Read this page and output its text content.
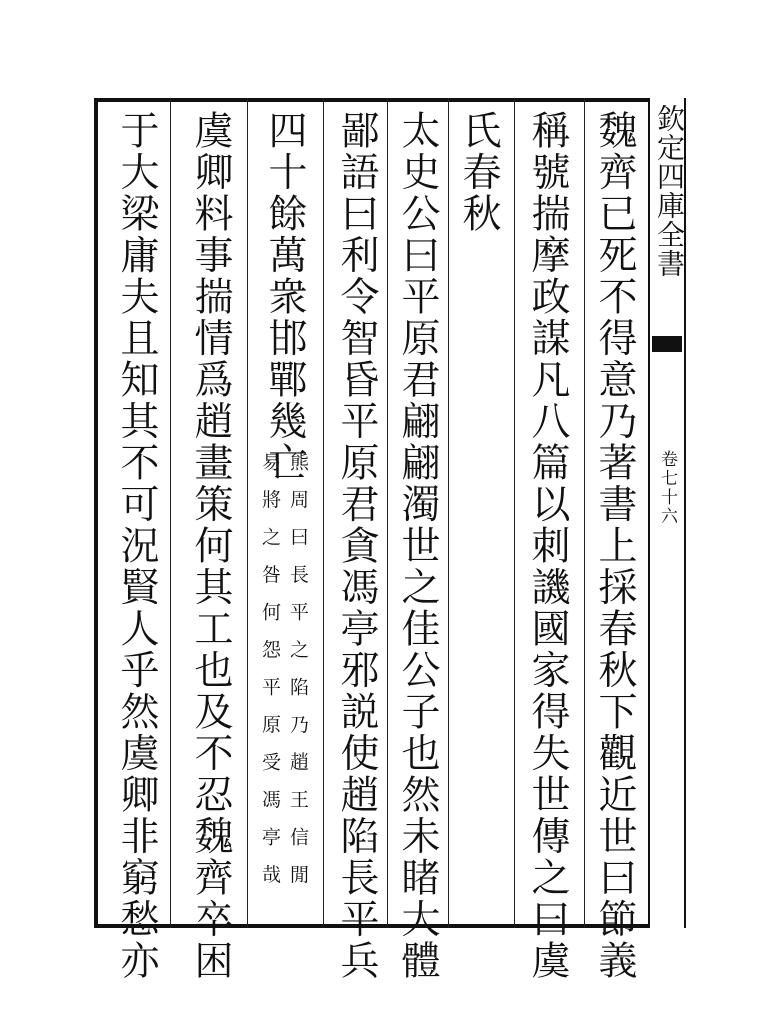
魏齊已死不得意乃著書上採春秋下觀近世曰節義
稱號揣摩政謀凡八篇以刺譏國家得失世傳之曰虞
氏春秋
太史公曰平原君翩翩濁世之佳公子也然未睹大體
鄙語曰利令智昏平原君貪馮亭邪説使趙陷長平兵
四十餘萬衆邯鄲幾亡
虞卿料事揣情爲趙畫策何其工也及不忍魏齊卒困
于大梁庸夫且知其不可況賢人乎然虞卿非窮愁亦	熊周曰長平之陷乃趙王信閒
易將之咎何怨平原受馮亭哉
欽定四庫全書
卷七十六
